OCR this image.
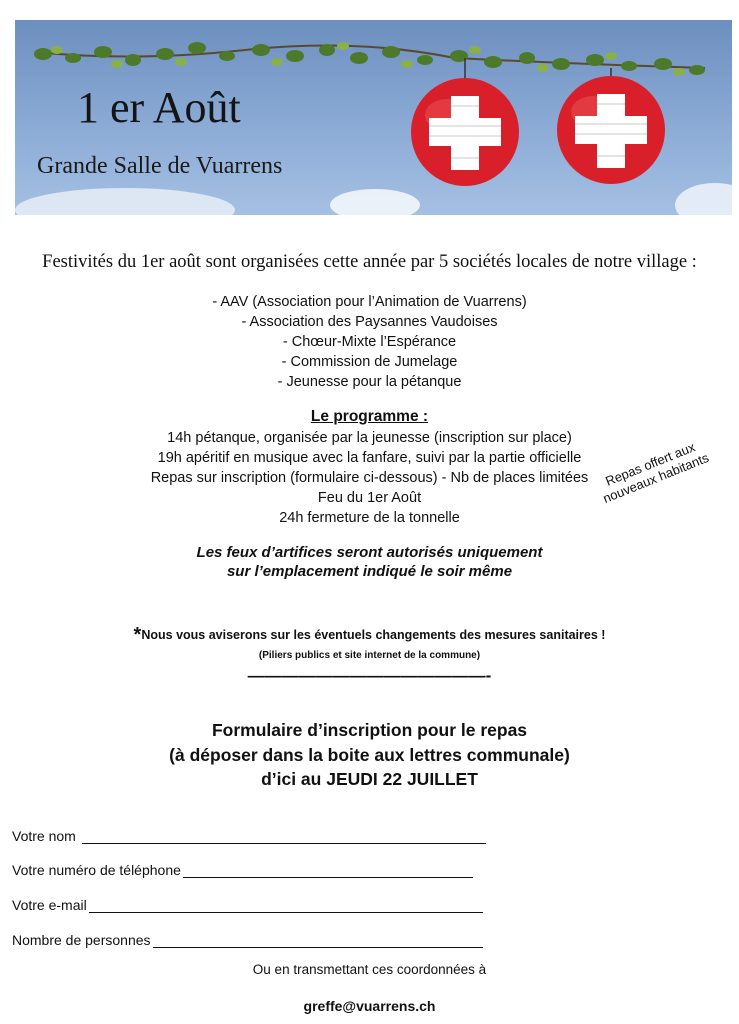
1 er Août
Grande Salle de Vuarrens
Festivités du 1er août sont organisées cette année par 5 sociétés locales de notre village :
- AAV (Association pour l’Animation de Vuarrens)
- Association des Paysannes Vaudoises
- Chœur-Mixte l’Espérance
- Commission de Jumelage
- Jeunesse pour la pétanque
Le programme :
14h pétanque, organisée par la jeunesse (inscription sur place)
19h apéritif en musique avec la fanfare, suivi par la partie officielle
Repas sur inscription (formulaire ci-dessous) - Nb de places limitées
Feu du 1er Août
24h fermeture de la tonnelle
Repas offert aux nouveaux habitants
Les feux d’artifices seront autorisés uniquement
sur l’emplacement indiqué le soir même
*Nous vous aviserons sur les éventuels changements des mesures sanitaires !
(Piliers publics et site internet de la commune)
——————————————-
Formulaire d’inscription pour le repas
(à déposer dans la boite aux lettres communale)
d’ici au JEUDI 22 JUILLET
Votre nom
Votre numéro de téléphone
Votre e-mail
Nombre de personnes
Ou en transmettant ces coordonnées à
greffe@vuarrens.ch
